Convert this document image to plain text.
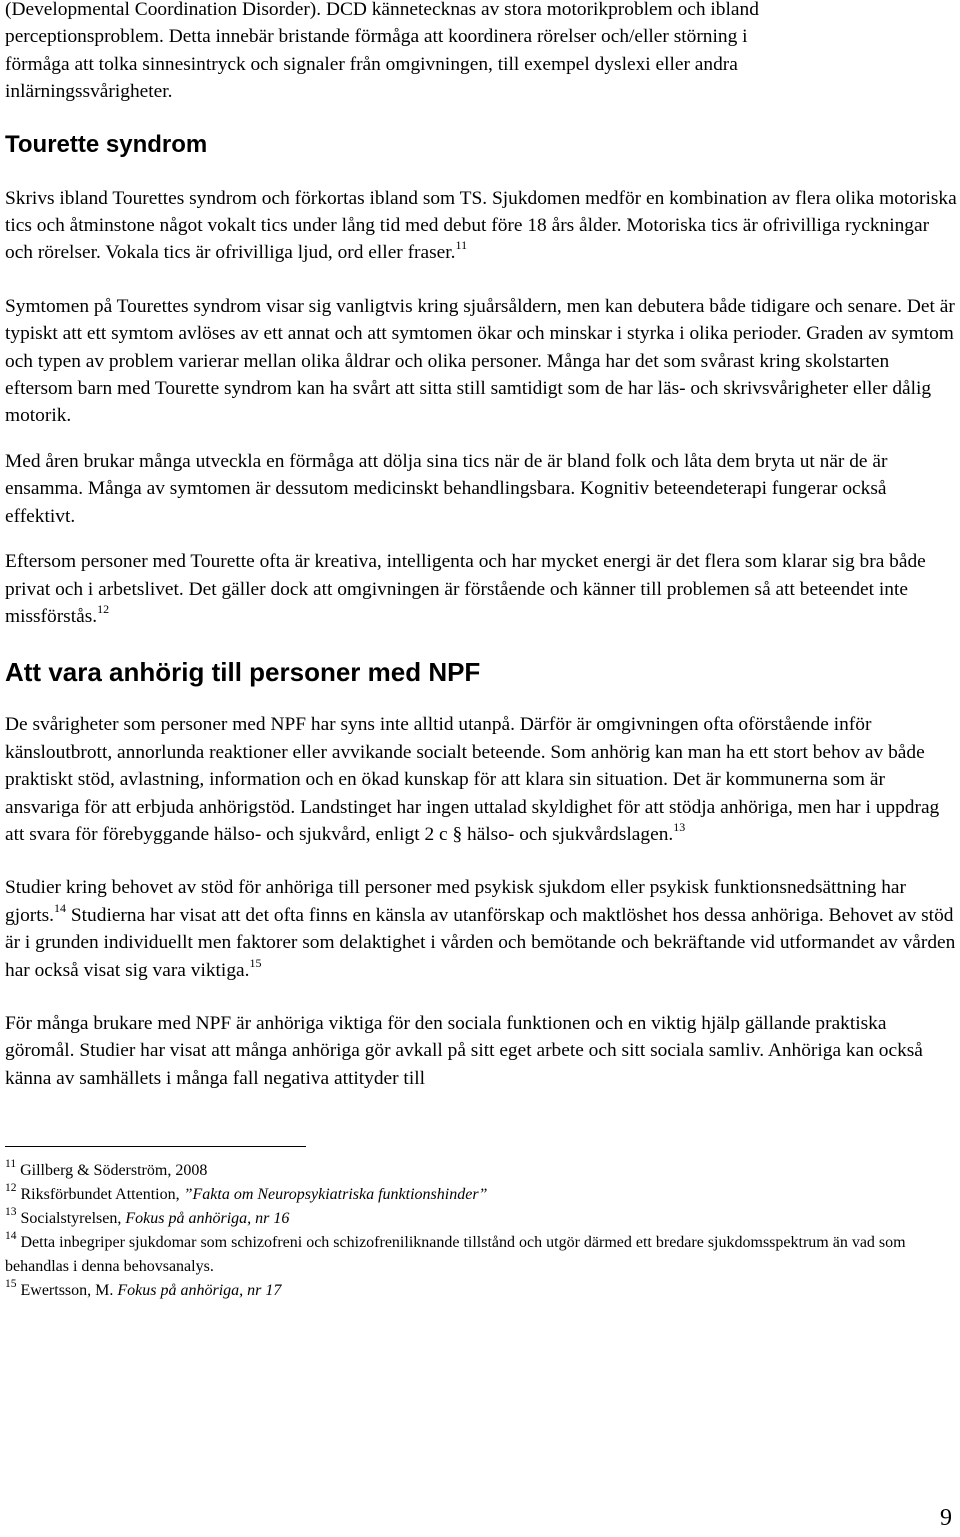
(Developmental Coordination Disorder). DCD kännetecknas av stora motorikproblem och ibland
perceptionsproblem. Detta innebär bristande förmåga att koordinera rörelser och/eller störning i
förmåga att tolka sinnesintryck och signaler från omgivningen, till exempel dyslexi eller andra
inlärningssvårigheter.

Tourette syndrom

Skrivs ibland Tourettes syndrom och förkortas ibland som TS. Sjukdomen medför en kombination av flera olika motoriska tics och åtminstone något vokalt tics under lång tid med debut före 18 års ålder. Motoriska tics är ofrivilliga ryckningar och rörelser. Vokala tics är ofrivilliga ljud, ord eller fraser.$^{11}$

Symtomen på Tourettes syndrom visar sig vanligtvis kring sjuårsåldern, men kan debutera både tidigare och senare. Det är typiskt att ett symtom avlöses av ett annat och att symtomen ökar och minskar i styrka i olika perioder. Graden av symtom och typen av problem varierar mellan olika åldrar och olika personer. Många har det som svårast kring skolstarten eftersom barn med Tourette syndrom kan ha svårt att sitta still samtidigt som de har läs- och skrivsvårigheter eller dålig motorik.

Med åren brukar många utveckla en förmåga att dölja sina tics när de är bland folk och låta dem bryta ut när de är ensamma. Många av symtomen är dessutom medicinskt behandlingsbara. Kognitiv beteendeterapi fungerar också effektivt.

Eftersom personer med Tourette ofta är kreativa, intelligenta och har mycket energi är det flera som klarar sig bra både privat och i arbetslivet. Det gäller dock att omgivningen är förstående och känner till problemen så att beteendet inte missförstås.$^{12}$

Att vara anhörig till personer med NPF

De svårigheter som personer med NPF har syns inte alltid utanpå. Därför är omgivningen ofta oförstående inför känsloutbrott, annorlunda reaktioner eller avvikande socialt beteende. Som anhörig kan man ha ett stort behov av både praktiskt stöd, avlastning, information och en ökad kunskap för att klara sin situation. Det är kommunerna som är ansvariga för att erbjuda anhörigstöd. Landstinget har ingen uttalad skyldighet för att stödja anhöriga, men har i uppdrag att svara för förebyggande hälso- och sjukvård, enligt 2 c § hälso- och sjukvårdslagen.$^{13}$

Studier kring behovet av stöd för anhöriga till personer med psykisk sjukdom eller psykisk funktionsnedsättning har gjorts.$^{14}$ Studierna har visat att det ofta finns en känsla av utanförskap och maktlöshet hos dessa anhöriga. Behovet av stöd är i grunden individuellt men faktorer som delaktighet i vården och bemötande och bekräftande vid utformandet av vården har också visat sig vara viktiga.$^{15}$

För många brukare med NPF är anhöriga viktiga för den sociala funktionen och en viktig hjälp gällande praktiska göromål. Studier har visat att många anhöriga gör avkall på sitt eget arbete och sitt sociala samliv. Anhöriga kan också känna av samhällets i många fall negativa attityder till

$^{11}$ Gillberg & Söderström, 2008

$^{12}$ Riksförbundet Attention, ”Fakta om Neuropsykiatriska funktionshinder”

$^{13}$ Socialstyrelsen, Fokus på anhöriga, nr 16

$^{14}$ Detta inbegriper sjukdomar som schizofreni och schizofreniliknande tillstånd och utgör därmed ett bredare sjukdomsspektrum än vad som behandlas i denna behovsanalys.

$^{15}$ Ewertsson, M. Fokus på anhöriga, nr 17

9
